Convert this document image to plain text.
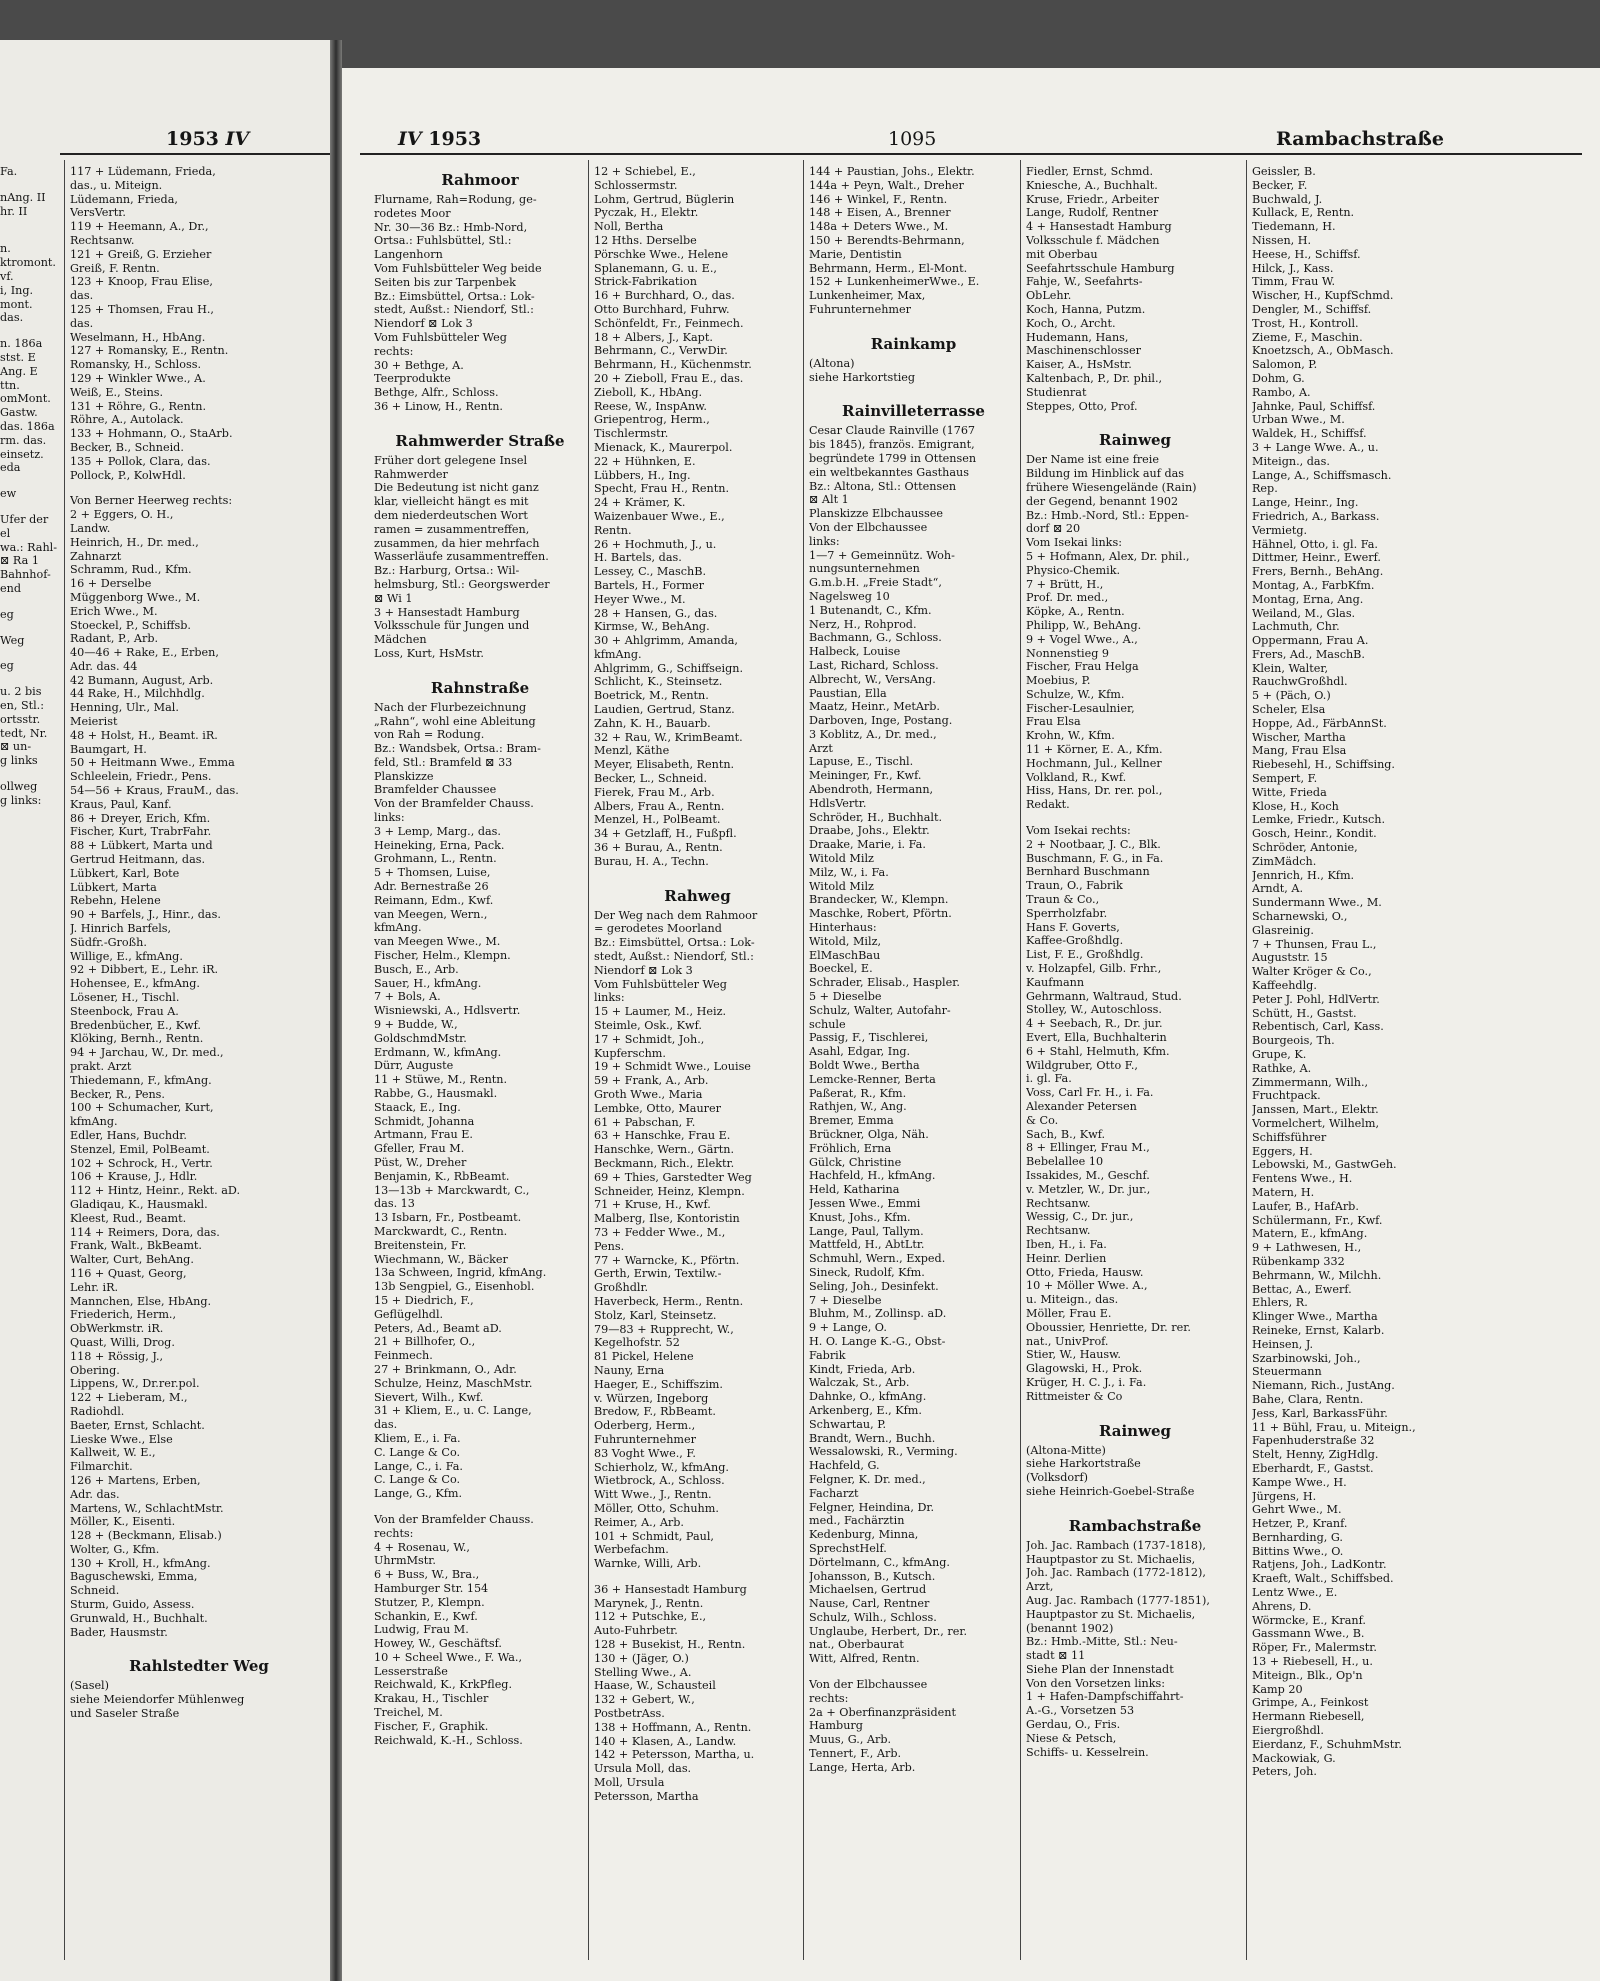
1953 IV	IV 1953	1095	Rambachstraße
Fa.
nAng. II
hr. II
n.
ktromont.
vf.
i, Ing.
mont.
das.
n. 186a
stst. E
Ang. E
ttn.
omMont.
Gastw.
das. 186a
rm. das.
einsetz.
eda
ew
Ufer der
el
wa.: Rahl-
⊠ Ra 1
Bahnhof-
end
eg
Weg
eg
u. 2 bis
en, Stl.:
ortsstr.
tedt, Nr.
⊠ un-
g links
ollweg
g links:
117 + Lüdemann, Frieda,
das., u. Miteign.
Lüdemann, Frieda,
VersVertr.
119 + Heemann, A., Dr.,
Rechtsanw.
121 + Greiß, G. Erzieher
Greiß, F. Rentn.
123 + Knoop, Frau Elise,
das.
125 + Thomsen, Frau H.,
das.
Weselmann, H., HbAng.
127 + Romansky, E., Rentn.
Romansky, H., Schloss.
129 + Winkler Wwe., A.
Weiß, E., Steins.
131 + Röhre, G., Rentn.
Röhre, A., Autolack.
133 + Hohmann, O., StaArb.
Becker, B., Schneid.
135 + Pollok, Clara, das.
Pollock, P., KolwHdl.
Von Berner Heerweg rechts:
2 + Eggers, O. H.,
Landw.
Heinrich, H., Dr. med.,
Zahnarzt
Schramm, Rud., Kfm.
16 + Derselbe
Müggenborg Wwe., M.
Erich Wwe., M.
Stoeckel, P., Schiffsb.
Radant, P., Arb.
40—46 + Rake, E., Erben,
Adr. das. 44
42 Bumann, August, Arb.
44 Rake, H., Milchhdlg.
Henning, Ulr., Mal.
Meierist
48 + Holst, H., Beamt. iR.
Baumgart, H.
50 + Heitmann Wwe., Emma
Schleelein, Friedr., Pens.
54—56 + Kraus, FrauM., das.
Kraus, Paul, Kanf.
86 + Dreyer, Erich, Kfm.
Fischer, Kurt, TrabrFahr.
88 + Lübkert, Marta und
Gertrud Heitmann, das.
Lübkert, Karl, Bote
Lübkert, Marta
Rebehn, Helene
90 + Barfels, J., Hinr., das.
J. Hinrich Barfels,
Südfr.-Großh.
Willige, E., kfmAng.
92 + Dibbert, E., Lehr. iR.
Hohensee, E., kfmAng.
Lösener, H., Tischl.
Steenbock, Frau A.
Bredenbücher, E., Kwf.
Klöking, Bernh., Rentn.
94 + Jarchau, W., Dr. med.,
prakt. Arzt
Thiedemann, F., kfmAng.
Becker, R., Pens.
100 + Schumacher, Kurt,
kfmAng.
Edler, Hans, Buchdr.
Stenzel, Emil, PolBeamt.
102 + Schrock, H., Vertr.
106 + Krause, J., Hdlr.
112 + Hintz, Heinr., Rekt. aD.
Gladiqau, K., Hausmakl.
Kleest, Rud., Beamt.
114 + Reimers, Dora, das.
Frank, Walt., BkBeamt.
Walter, Curt, BehAng.
116 + Quast, Georg,
Lehr. iR.
Mannchen, Else, HbAng.
Friederich, Herm.,
ObWerkmstr. iR.
Quast, Willi, Drog.
118 + Rössig, J.,
Obering.
Lippens, W., Dr.rer.pol.
122 + Lieberam, M.,
Radiohdl.
Baeter, Ernst, Schlacht.
Lieske Wwe., Else
Kallweit, W. E.,
Filmarchit.
126 + Martens, Erben,
Adr. das.
Martens, W., SchlachtMstr.
Möller, K., Eisenti.
128 + (Beckmann, Elisab.)
Wolter, G., Kfm.
130 + Kroll, H., kfmAng.
Baguschewski, Emma,
Schneid.
Sturm, Guido, Assess.
Grunwald, H., Buchhalt.
Bader, Hausmstr.
Rahlstedter Weg
(Sasel)
siehe Meiendorfer Mühlenweg
und Saseler Straße
Rahmoor
Flurname, Rah=Rodung, ge-
rodetes Moor
Nr. 30—36 Bz.: Hmb-Nord,
Ortsa.: Fuhlsbüttel, Stl.:
Langenhorn
Vom Fuhlsbütteler Weg beide
Seiten bis zur Tarpenbek
Bz.: Eimsbüttel, Ortsa.: Lok-
stedt, Außst.: Niendorf, Stl.:
Niendorf ⊠ Lok 3
Vom Fuhlsbütteler Weg
rechts:
30 + Bethge, A.
Teerprodukte
Bethge, Alfr., Schloss.
36 + Linow, H., Rentn.
Rahmwerder Straße
Früher dort gelegene Insel
Rahmwerder
Die Bedeutung ist nicht ganz
klar, vielleicht hängt es mit
dem niederdeutschen Wort
ramen = zusammentreffen,
zusammen, da hier mehrfach
Wasserläufe zusammentreffen.
Bz.: Harburg, Ortsa.: Wil-
helmsburg, Stl.: Georgswerder
⊠ Wi 1
3 + Hansestadt Hamburg
Volksschule für Jungen und
Mädchen
Loss, Kurt, HsMstr.
Rahnstraße
Nach der Flurbezeichnung
„Rahn“, wohl eine Ableitung
von Rah = Rodung.
Bz.: Wandsbek, Ortsa.: Bram-
feld, Stl.: Bramfeld ⊠ 33
Planskizze
Bramfelder Chaussee
Von der Bramfelder Chauss.
links:
3 + Lemp, Marg., das.
Heineking, Erna, Pack.
Grohmann, L., Rentn.
5 + Thomsen, Luise,
Adr. Bernestraße 26
Reimann, Edm., Kwf.
van Meegen, Wern.,
kfmAng.
van Meegen Wwe., M.
Fischer, Helm., Klempn.
Busch, E., Arb.
Sauer, H., kfmAng.
7 + Bols, A.
Wisniewski, A., Hdlsvertr.
9 + Budde, W.,
GoldschmdMstr.
Erdmann, W., kfmAng.
Dürr, Auguste
11 + Stüwe, M., Rentn.
Rabbe, G., Hausmakl.
Staack, E., Ing.
Schmidt, Johanna
Artmann, Frau E.
Gfeller, Frau M.
Püst, W., Dreher
Benjamin, K., RbBeamt.
13—13b + Marckwardt, C.,
das. 13
13 Isbarn, Fr., Postbeamt.
Marckwardt, C., Rentn.
Breitenstein, Fr.
Wiechmann, W., Bäcker
13a Schween, Ingrid, kfmAng.
13b Sengpiel, G., Eisenhobl.
15 + Diedrich, F.,
Geflügelhdl.
Peters, Ad., Beamt aD.
21 + Billhofer, O.,
Feinmech.
27 + Brinkmann, O., Adr.
Schulze, Heinz, MaschMstr.
Sievert, Wilh., Kwf.
31 + Kliem, E., u. C. Lange,
das.
Kliem, E., i. Fa.
C. Lange & Co.
Lange, C., i. Fa.
C. Lange & Co.
Lange, G., Kfm.
Von der Bramfelder Chauss.
rechts:
4 + Rosenau, W.,
UhrmMstr.
6 + Buss, W., Bra.,
Hamburger Str. 154
Stutzer, P., Klempn.
Schankin, E., Kwf.
Ludwig, Frau M.
Howey, W., Geschäftsf.
10 + Scheel Wwe., F. Wa.,
Lesserstraße
Reichwald, K., KrkPfleg.
Krakau, H., Tischler
Treichel, M.
Fischer, F., Graphik.
Reichwald, K.-H., Schloss.
12 + Schiebel, E.,
Schlossermstr.
Lohm, Gertrud, Büglerin
Pyczak, H., Elektr.
Noll, Bertha
12 Hths. Derselbe
Pörschke Wwe., Helene
Splanemann, G. u. E.,
Strick-Fabrikation
16 + Burchhard, O., das.
Otto Burchhard, Fuhrw.
Schönfeldt, Fr., Feinmech.
18 + Albers, J., Kapt.
Behrmann, C., VerwDir.
Behrmann, H., Küchenmstr.
20 + Zieboll, Frau E., das.
Zieboll, K., HbAng.
Reese, W., InspAnw.
Griepentrog, Herm.,
Tischlermstr.
Mienack, K., Maurerpol.
22 + Hühnken, E.
Lübbers, H., Ing.
Specht, Frau H., Rentn.
24 + Krämer, K.
Waizenbauer Wwe., E.,
Rentn.
26 + Hochmuth, J., u.
H. Bartels, das.
Lessey, C., MaschB.
Bartels, H., Former
Heyer Wwe., M.
28 + Hansen, G., das.
Kirmse, W., BehAng.
30 + Ahlgrimm, Amanda,
kfmAng.
Ahlgrimm, G., Schiffseign.
Schlicht, K., Steinsetz.
Boetrick, M., Rentn.
Laudien, Gertrud, Stanz.
Zahn, K. H., Bauarb.
32 + Rau, W., KrimBeamt.
Menzl, Käthe
Meyer, Elisabeth, Rentn.
Becker, L., Schneid.
Fierek, Frau M., Arb.
Albers, Frau A., Rentn.
Menzel, H., PolBeamt.
34 + Getzlaff, H., Fußpfl.
36 + Burau, A., Rentn.
Burau, H. A., Techn.
Rahweg
Der Weg nach dem Rahmoor
= gerodetes Moorland
Bz.: Eimsbüttel, Ortsa.: Lok-
stedt, Außst.: Niendorf, Stl.:
Niendorf ⊠ Lok 3
Vom Fuhlsbütteler Weg
links:
15 + Laumer, M., Heiz.
Steimle, Osk., Kwf.
17 + Schmidt, Joh.,
Kupferschm.
19 + Schmidt Wwe., Louise
59 + Frank, A., Arb.
Groth Wwe., Maria
Lembke, Otto, Maurer
61 + Pabschan, F.
63 + Hanschke, Frau E.
Hanschke, Wern., Gärtn.
Beckmann, Rich., Elektr.
69 + Thies, Garstedter Weg
Schneider, Heinz, Klempn.
71 + Kruse, H., Kwf.
Malberg, Ilse, Kontoristin
73 + Fedder Wwe., M.,
Pens.
77 + Warncke, K., Pförtn.
Gerth, Erwin, Textilw.-
Großhdlr.
Haverbeck, Herm., Rentn.
Stolz, Karl, Steinsetz.
79—83 + Rupprecht, W.,
Kegelhofstr. 52
81 Pickel, Helene
Nauny, Erna
Haeger, E., Schiffszim.
v. Würzen, Ingeborg
Bredow, F., RbBeamt.
Oderberg, Herm.,
Fuhrunternehmer
83 Voght Wwe., F.
Schierholz, W., kfmAng.
Wietbrock, A., Schloss.
Witt Wwe., J., Rentn.
Möller, Otto, Schuhm.
Reimer, A., Arb.
101 + Schmidt, Paul,
Werbefachm.
Warnke, Willi, Arb.
36 + Hansestadt Hamburg
Marynek, J., Rentn.
112 + Putschke, E.,
Auto-Fuhrbetr.
128 + Busekist, H., Rentn.
130 + (Jäger, O.)
Stelling Wwe., A.
Haase, W., Schausteil
132 + Gebert, W.,
PostbetrAss.
138 + Hoffmann, A., Rentn.
140 + Klasen, A., Landw.
142 + Petersson, Martha, u.
Ursula Moll, das.
Moll, Ursula
Petersson, Martha
144 + Paustian, Johs., Elektr.
144a + Peyn, Walt., Dreher
146 + Winkel, F., Rentn.
148 + Eisen, A., Brenner
148a + Deters Wwe., M.
150 + Berendts-Behrmann,
Marie, Dentistin
Behrmann, Herm., El-Mont.
152 + LunkenheimerWwe., E.
Lunkenheimer, Max,
Fuhrunternehmer
Rainkamp
(Altona)
siehe Harkortstieg
Rainvilleterrasse
Cesar Claude Rainville (1767
bis 1845), französ. Emigrant,
begründete 1799 in Ottensen
ein weltbekanntes Gasthaus
Bz.: Altona, Stl.: Ottensen
⊠ Alt 1
Planskizze Elbchaussee
Von der Elbchaussee
links:
1—7 + Gemeinnütz. Woh-
nungsunternehmen
G.m.b.H. „Freie Stadt“,
Nagelsweg 10
1 Butenandt, C., Kfm.
Nerz, H., Rohprod.
Bachmann, G., Schloss.
Halbeck, Louise
Last, Richard, Schloss.
Albrecht, W., VersAng.
Paustian, Ella
Maatz, Heinr., MetArb.
Darboven, Inge, Postang.
3 Koblitz, A., Dr. med.,
Arzt
Lapuse, E., Tischl.
Meininger, Fr., Kwf.
Abendroth, Hermann,
HdlsVertr.
Schröder, H., Buchhalt.
Draabe, Johs., Elektr.
Draake, Marie, i. Fa.
Witold Milz
Milz, W., i. Fa.
Witold Milz
Brandecker, W., Klempn.
Maschke, Robert, Pförtn.
Hinterhaus:
Witold, Milz,
ElMaschBau
Boeckel, E.
Schrader, Elisab., Haspler.
5 + Dieselbe
Schulz, Walter, Autofahr-
schule
Passig, F., Tischlerei,
Asahl, Edgar, Ing.
Boldt Wwe., Bertha
Lemcke-Renner, Berta
Paßerat, R., Kfm.
Rathjen, W., Ang.
Bremer, Emma
Brückner, Olga, Näh.
Fröhlich, Erna
Gülck, Christine
Hachfeld, H., kfmAng.
Held, Katharina
Jessen Wwe., Emmi
Knust, Johs., Kfm.
Lange, Paul, Tallym.
Mattfeld, H., AbtLtr.
Schmuhl, Wern., Exped.
Sineck, Rudolf, Kfm.
Seling, Joh., Desinfekt.
7 + Dieselbe
Bluhm, M., Zollinsp. aD.
9 + Lange, O.
H. O. Lange K.-G., Obst-
Fabrik
Kindt, Frieda, Arb.
Walczak, St., Arb.
Dahnke, O., kfmAng.
Arkenberg, E., Kfm.
Schwartau, P.
Brandt, Wern., Buchh.
Wessalowski, R., Verming.
Hachfeld, G.
Felgner, K. Dr. med.,
Facharzt
Felgner, Heindina, Dr.
med., Fachärztin
Kedenburg, Minna,
SprechstHelf.
Dörtelmann, C., kfmAng.
Johansson, B., Kutsch.
Michaelsen, Gertrud
Nause, Carl, Rentner
Schulz, Wilh., Schloss.
Unglaube, Herbert, Dr., rer.
nat., Oberbaurat
Witt, Alfred, Rentn.
Von der Elbchaussee
rechts:
2a + Oberfinanzpräsident
Hamburg
Muus, G., Arb.
Tennert, F., Arb.
Lange, Herta, Arb.
Fiedler, Ernst, Schmd.
Kniesche, A., Buchhalt.
Kruse, Friedr., Arbeiter
Lange, Rudolf, Rentner
4 + Hansestadt Hamburg
Volksschule f. Mädchen
mit Oberbau
Seefahrtsschule Hamburg
Fahje, W., Seefahrts-
ObLehr.
Koch, Hanna, Putzm.
Koch, O., Archt.
Hudemann, Hans,
Maschinenschlosser
Kaiser, A., HsMstr.
Kaltenbach, P., Dr. phil.,
Studienrat
Steppes, Otto, Prof.
Rainweg
Der Name ist eine freie
Bildung im Hinblick auf das
frühere Wiesengelände (Rain)
der Gegend, benannt 1902
Bz.: Hmb.-Nord, Stl.: Eppen-
dorf ⊠ 20
Vom Isekai links:
5 + Hofmann, Alex, Dr. phil.,
Physico-Chemik.
7 + Brütt, H.,
Prof. Dr. med.,
Köpke, A., Rentn.
Philipp, W., BehAng.
9 + Vogel Wwe., A.,
Nonnenstieg 9
Fischer, Frau Helga
Moebius, P.
Schulze, W., Kfm.
Fischer-Lesaulnier,
Frau Elsa
Krohn, W., Kfm.
11 + Körner, E. A., Kfm.
Hochmann, Jul., Kellner
Volkland, R., Kwf.
Hiss, Hans, Dr. rer. pol.,
Redakt.
Vom Isekai rechts:
2 + Nootbaar, J. C., Blk.
Buschmann, F. G., in Fa.
Bernhard Buschmann
Traun, O., Fabrik
Traun & Co.,
Sperrholzfabr.
Hans F. Goverts,
Kaffee-Großhdlg.
List, F. E., Großhdlg.
v. Holzapfel, Gilb. Frhr.,
Kaufmann
Gehrmann, Waltraud, Stud.
Stolley, W., Autoschloss.
4 + Seebach, R., Dr. jur.
Evert, Ella, Buchhalterin
6 + Stahl, Helmuth, Kfm.
Wildgruber, Otto F.,
i. gl. Fa.
Voss, Carl Fr. H., i. Fa.
Alexander Petersen
& Co.
Sach, B., Kwf.
8 + Ellinger, Frau M.,
Bebelallee 10
Issakides, M., Geschf.
v. Metzler, W., Dr. jur.,
Rechtsanw.
Wessig, C., Dr. jur.,
Rechtsanw.
Iben, H., i. Fa.
Heinr. Derlien
Otto, Frieda, Hausw.
10 + Möller Wwe. A.,
u. Miteign., das.
Möller, Frau E.
Oboussier, Henriette, Dr. rer.
nat., UnivProf.
Stier, W., Hausw.
Glagowski, H., Prok.
Krüger, H. C. J., i. Fa.
Rittmeister & Co
Rainweg
(Altona-Mitte)
siehe Harkortstraße
(Volksdorf)
siehe Heinrich-Goebel-Straße
Rambachstraße
Joh. Jac. Rambach (1737-1818),
Hauptpastor zu St. Michaelis,
Joh. Jac. Rambach (1772-1812),
Arzt,
Aug. Jac. Rambach (1777-1851),
Hauptpastor zu St. Michaelis,
(benannt 1902)
Bz.: Hmb.-Mitte, Stl.: Neu-
stadt ⊠ 11
Siehe Plan der Innenstadt
Von den Vorsetzen links:
1 + Hafen-Dampfschiffahrt-
A.-G., Vorsetzen 53
Gerdau, O., Fris.
Niese & Petsch,
Schiffs- u. Kesselrein.
Geissler, B.
Becker, F.
Buchwald, J.
Kullack, E, Rentn.
Tiedemann, H.
Nissen, H.
Heese, H., Schiffsf.
Hilck, J., Kass.
Timm, Frau W.
Wischer, H., KupfSchmd.
Dengler, M., Schiffsf.
Trost, H., Kontroll.
Zieme, F., Maschin.
Knoetzsch, A., ObMasch.
Salomon, P.
Dohm, G.
Rambo, A.
Jahnke, Paul, Schiffsf.
Urban Wwe., M.
Waldek, H., Schiffsf.
3 + Lange Wwe. A., u.
Miteign., das.
Lange, A., Schiffsmasch.
Rep.
Lange, Heinr., Ing.
Friedrich, A., Barkass.
Vermietg.
Hähnel, Otto, i. gl. Fa.
Dittmer, Heinr., Ewerf.
Frers, Bernh., BehAng.
Montag, A., FarbKfm.
Montag, Erna, Ang.
Weiland, M., Glas.
Lachmuth, Chr.
Oppermann, Frau A.
Frers, Ad., MaschB.
Klein, Walter,
RauchwGroßhdl.
5 + (Päch, O.)
Scheler, Elsa
Hoppe, Ad., FärbAnnSt.
Wischer, Martha
Mang, Frau Elsa
Riebesehl, H., Schiffsing.
Sempert, F.
Witte, Frieda
Klose, H., Koch
Lemke, Friedr., Kutsch.
Gosch, Heinr., Kondit.
Schröder, Antonie,
ZimMädch.
Jennrich, H., Kfm.
Arndt, A.
Sundermann Wwe., M.
Scharnewski, O.,
Glasreinig.
7 + Thunsen, Frau L.,
Auguststr. 15
Walter Kröger & Co.,
Kaffeehdlg.
Peter J. Pohl, HdlVertr.
Schütt, H., Gastst.
Rebentisch, Carl, Kass.
Bourgeois, Th.
Grupe, K.
Rathke, A.
Zimmermann, Wilh.,
Fruchtpack.
Janssen, Mart., Elektr.
Vormelchert, Wilhelm,
Schiffsführer
Eggers, H.
Lebowski, M., GastwGeh.
Fentens Wwe., H.
Matern, H.
Laufer, B., HafArb.
Schülermann, Fr., Kwf.
Matern, E., kfmAng.
9 + Lathwesen, H.,
Rübenkamp 332
Behrmann, W., Milchh.
Bettac, A., Ewerf.
Ehlers, R.
Klinger Wwe., Martha
Reineke, Ernst, Kalarb.
Heinsen, J.
Szarbinowski, Joh.,
Steuermann
Niemann, Rich., JustAng.
Bahe, Clara, Rentn.
Jess, Karl, BarkassFühr.
11 + Bühl, Frau, u. Miteign.,
Fapenhuderstraße 32
Stelt, Henny, ZigHdlg.
Eberhardt, F., Gastst.
Kampe Wwe., H.
Jürgens, H.
Gehrt Wwe., M.
Hetzer, P., Kranf.
Bernharding, G.
Bittins Wwe., O.
Ratjens, Joh., LadKontr.
Kraeft, Walt., Schiffsbed.
Lentz Wwe., E.
Ahrens, D.
Wörmcke, E., Kranf.
Gassmann Wwe., B.
Röper, Fr., Malermstr.
13 + Riebesell, H., u.
Miteign., Blk., Op'n
Kamp 20
Grimpe, A., Feinkost
Hermann Riebesell,
Eiergroßhdl.
Eierdanz, F., SchuhmMstr.
Mackowiak, G.
Peters, Joh.
